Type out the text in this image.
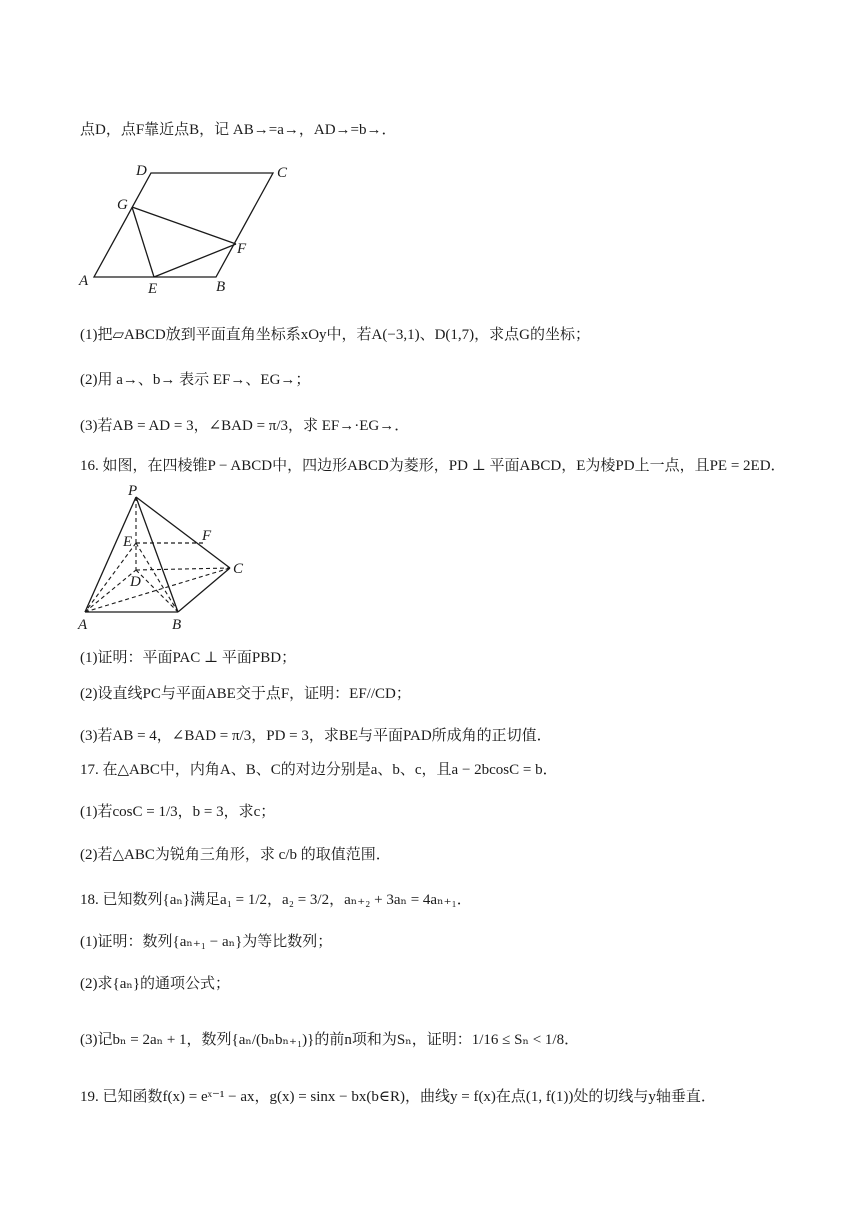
点D，点F靠近点B，记 AB→=a→，AD→=b→．
D	C
G
F
A	E	B
(1)把▱ABCD放到平面直角坐标系xOy中，若A(−3,1)、D(1,7)，求点G的坐标；
(2)用 a→、b→ 表示 EF→、EG→；
(3)若AB = AD = 3，∠BAD = π/3，求 EF→·EG→．
16. 如图，在四棱锥P − ABCD中，四边形ABCD为菱形，PD ⊥ 平面ABCD，E为棱PD上一点，且PE = 2ED．
P
E	F
C
D
A	B
(1)证明：平面PAC ⊥ 平面PBD；
(2)设直线PC与平面ABE交于点F，证明：EF//CD；
(3)若AB = 4，∠BAD = π/3，PD = 3，求BE与平面PAD所成角的正切值．
17. 在△ABC中，内角A、B、C的对边分别是a、b、c，且a − 2bcosC = b．
(1)若cosC = 1/3，b = 3，求c；
(2)若△ABC为锐角三角形，求 c/b 的取值范围．
18. 已知数列{aₙ}满足a₁ = 1/2，a₂ = 3/2，aₙ₊₂ + 3aₙ = 4aₙ₊₁．
(1)证明：数列{aₙ₊₁ − aₙ}为等比数列；
(2)求{aₙ}的通项公式；
(3)记bₙ = 2aₙ + 1，数列{aₙ/(bₙbₙ₊₁)}的前n项和为Sₙ，证明：1/16 ≤ Sₙ < 1/8．
19. 已知函数f(x) = eˣ⁻¹ − ax，g(x) = sinx − bx(b∈R)，曲线y = f(x)在点(1, f(1))处的切线与y轴垂直．
